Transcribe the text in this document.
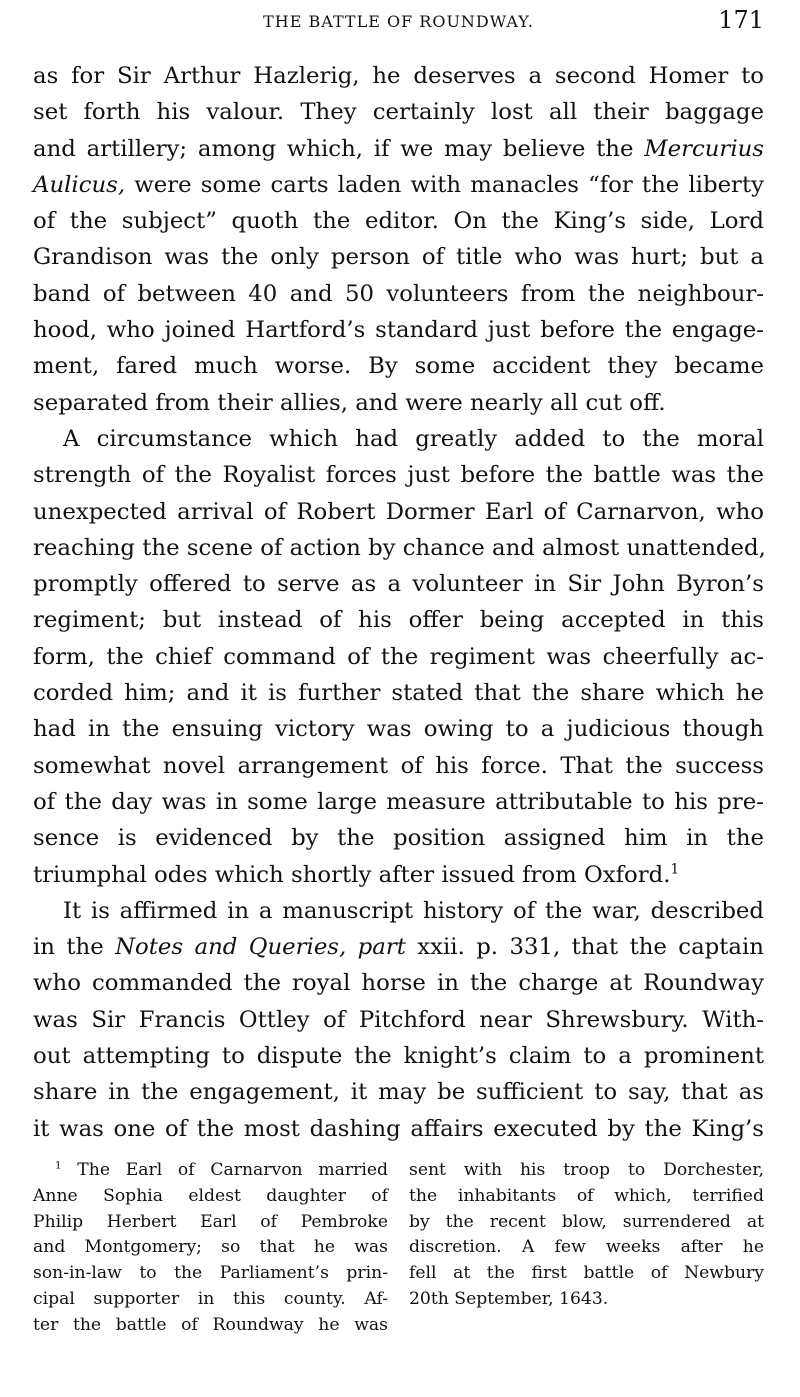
THE BATTLE OF ROUNDWAY.	171
as for Sir Arthur Hazlerig, he deserves a second Homer to
set forth his valour. They certainly lost all their baggage
and artillery; among which, if we may believe the Mercurius
Aulicus, were some carts laden with manacles “for the liberty
of the subject” quoth the editor. On the King’s side, Lord
Grandison was the only person of title who was hurt; but a
band of between 40 and 50 volunteers from the neighbour-
hood, who joined Hartford’s standard just before the engage-
ment, fared much worse. By some accident they became
separated from their allies, and were nearly all cut off.
A circumstance which had greatly added to the moral
strength of the Royalist forces just before the battle was the
unexpected arrival of Robert Dormer Earl of Carnarvon, who
reaching the scene of action by chance and almost unattended,
promptly offered to serve as a volunteer in Sir John Byron’s
regiment; but instead of his offer being accepted in this
form, the chief command of the regiment was cheerfully ac-
corded him; and it is further stated that the share which he
had in the ensuing victory was owing to a judicious though
somewhat novel arrangement of his force. That the success
of the day was in some large measure attributable to his pre-
sence is evidenced by the position assigned him in the
triumphal odes which shortly after issued from Oxford.$^1$
It is affirmed in a manuscript history of the war, described
in the Notes and Queries, part xxii. p. 331, that the captain
who commanded the royal horse in the charge at Roundway
was Sir Francis Ottley of Pitchford near Shrewsbury. With-
out attempting to dispute the knight’s claim to a prominent
share in the engagement, it may be sufficient to say, that as
it was one of the most dashing affairs executed by the King’s
$^1$ The Earl of Carnarvon married
Anne Sophia eldest daughter of
Philip Herbert Earl of Pembroke
and Montgomery; so that he was
son-in-law to the Parliament’s prin-
cipal supporter in this county. Af-
ter the battle of Roundway he was
sent with his troop to Dorchester,
the inhabitants of which, terrified
by the recent blow, surrendered at
discretion. A few weeks after he
fell at the first battle of Newbury
20th September, 1643.
